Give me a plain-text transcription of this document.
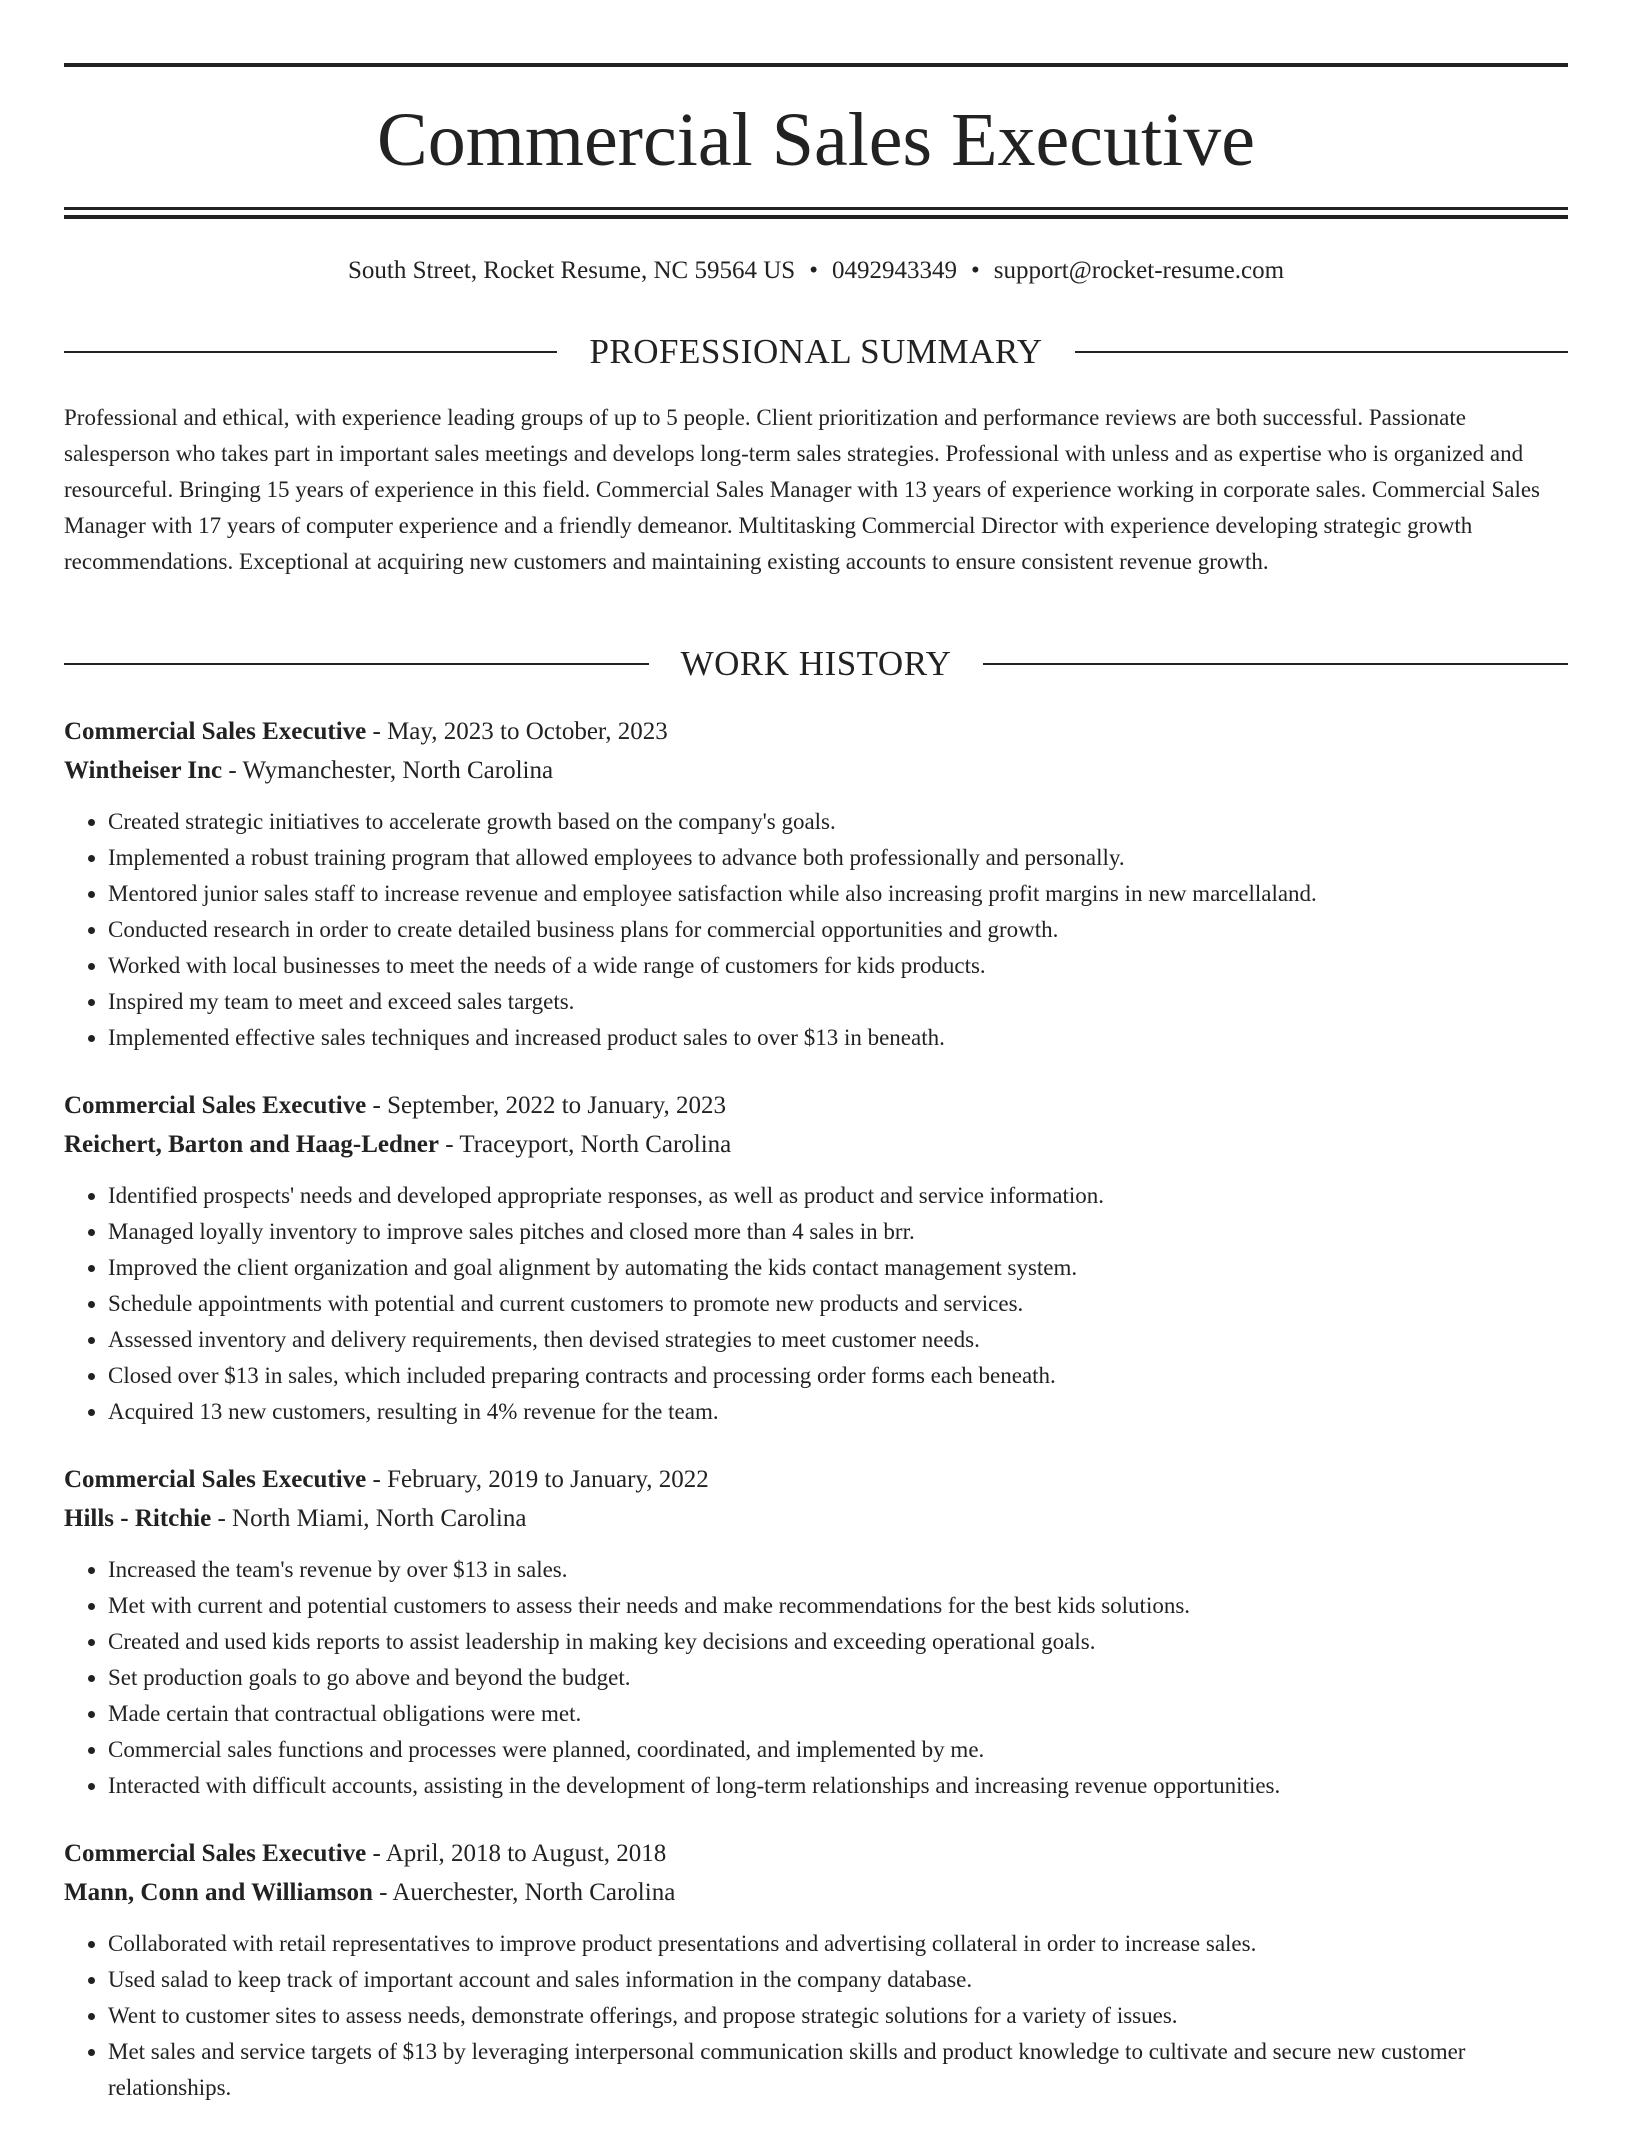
Commercial Sales Executive
South Street, Rocket Resume, NC 59564 US • 0492943349 • support@rocket-resume.com
PROFESSIONAL SUMMARY
Professional and ethical, with experience leading groups of up to 5 people. Client prioritization and performance reviews are both successful. Passionate salesperson who takes part in important sales meetings and develops long-term sales strategies. Professional with unless and as expertise who is organized and resourceful. Bringing 15 years of experience in this field. Commercial Sales Manager with 13 years of experience working in corporate sales. Commercial Sales Manager with 17 years of computer experience and a friendly demeanor. Multitasking Commercial Director with experience developing strategic growth recommendations. Exceptional at acquiring new customers and maintaining existing accounts to ensure consistent revenue growth.
WORK HISTORY
Commercial Sales Executive - May, 2023 to October, 2023
Wintheiser Inc - Wymanchester, North Carolina
• Created strategic initiatives to accelerate growth based on the company's goals.
• Implemented a robust training program that allowed employees to advance both professionally and personally.
• Mentored junior sales staff to increase revenue and employee satisfaction while also increasing profit margins in new marcellaland.
• Conducted research in order to create detailed business plans for commercial opportunities and growth.
• Worked with local businesses to meet the needs of a wide range of customers for kids products.
• Inspired my team to meet and exceed sales targets.
• Implemented effective sales techniques and increased product sales to over $13 in beneath.
Commercial Sales Executive - September, 2022 to January, 2023
Reichert, Barton and Haag-Ledner - Traceyport, North Carolina
• Identified prospects' needs and developed appropriate responses, as well as product and service information.
• Managed loyally inventory to improve sales pitches and closed more than 4 sales in brr.
• Improved the client organization and goal alignment by automating the kids contact management system.
• Schedule appointments with potential and current customers to promote new products and services.
• Assessed inventory and delivery requirements, then devised strategies to meet customer needs.
• Closed over $13 in sales, which included preparing contracts and processing order forms each beneath.
• Acquired 13 new customers, resulting in 4% revenue for the team.
Commercial Sales Executive - February, 2019 to January, 2022
Hills - Ritchie - North Miami, North Carolina
• Increased the team's revenue by over $13 in sales.
• Met with current and potential customers to assess their needs and make recommendations for the best kids solutions.
• Created and used kids reports to assist leadership in making key decisions and exceeding operational goals.
• Set production goals to go above and beyond the budget.
• Made certain that contractual obligations were met.
• Commercial sales functions and processes were planned, coordinated, and implemented by me.
• Interacted with difficult accounts, assisting in the development of long-term relationships and increasing revenue opportunities.
Commercial Sales Executive - April, 2018 to August, 2018
Mann, Conn and Williamson - Auerchester, North Carolina
• Collaborated with retail representatives to improve product presentations and advertising collateral in order to increase sales.
• Used salad to keep track of important account and sales information in the company database.
• Went to customer sites to assess needs, demonstrate offerings, and propose strategic solutions for a variety of issues.
• Met sales and service targets of $13 by leveraging interpersonal communication skills and product knowledge to cultivate and secure new customer relationships.
